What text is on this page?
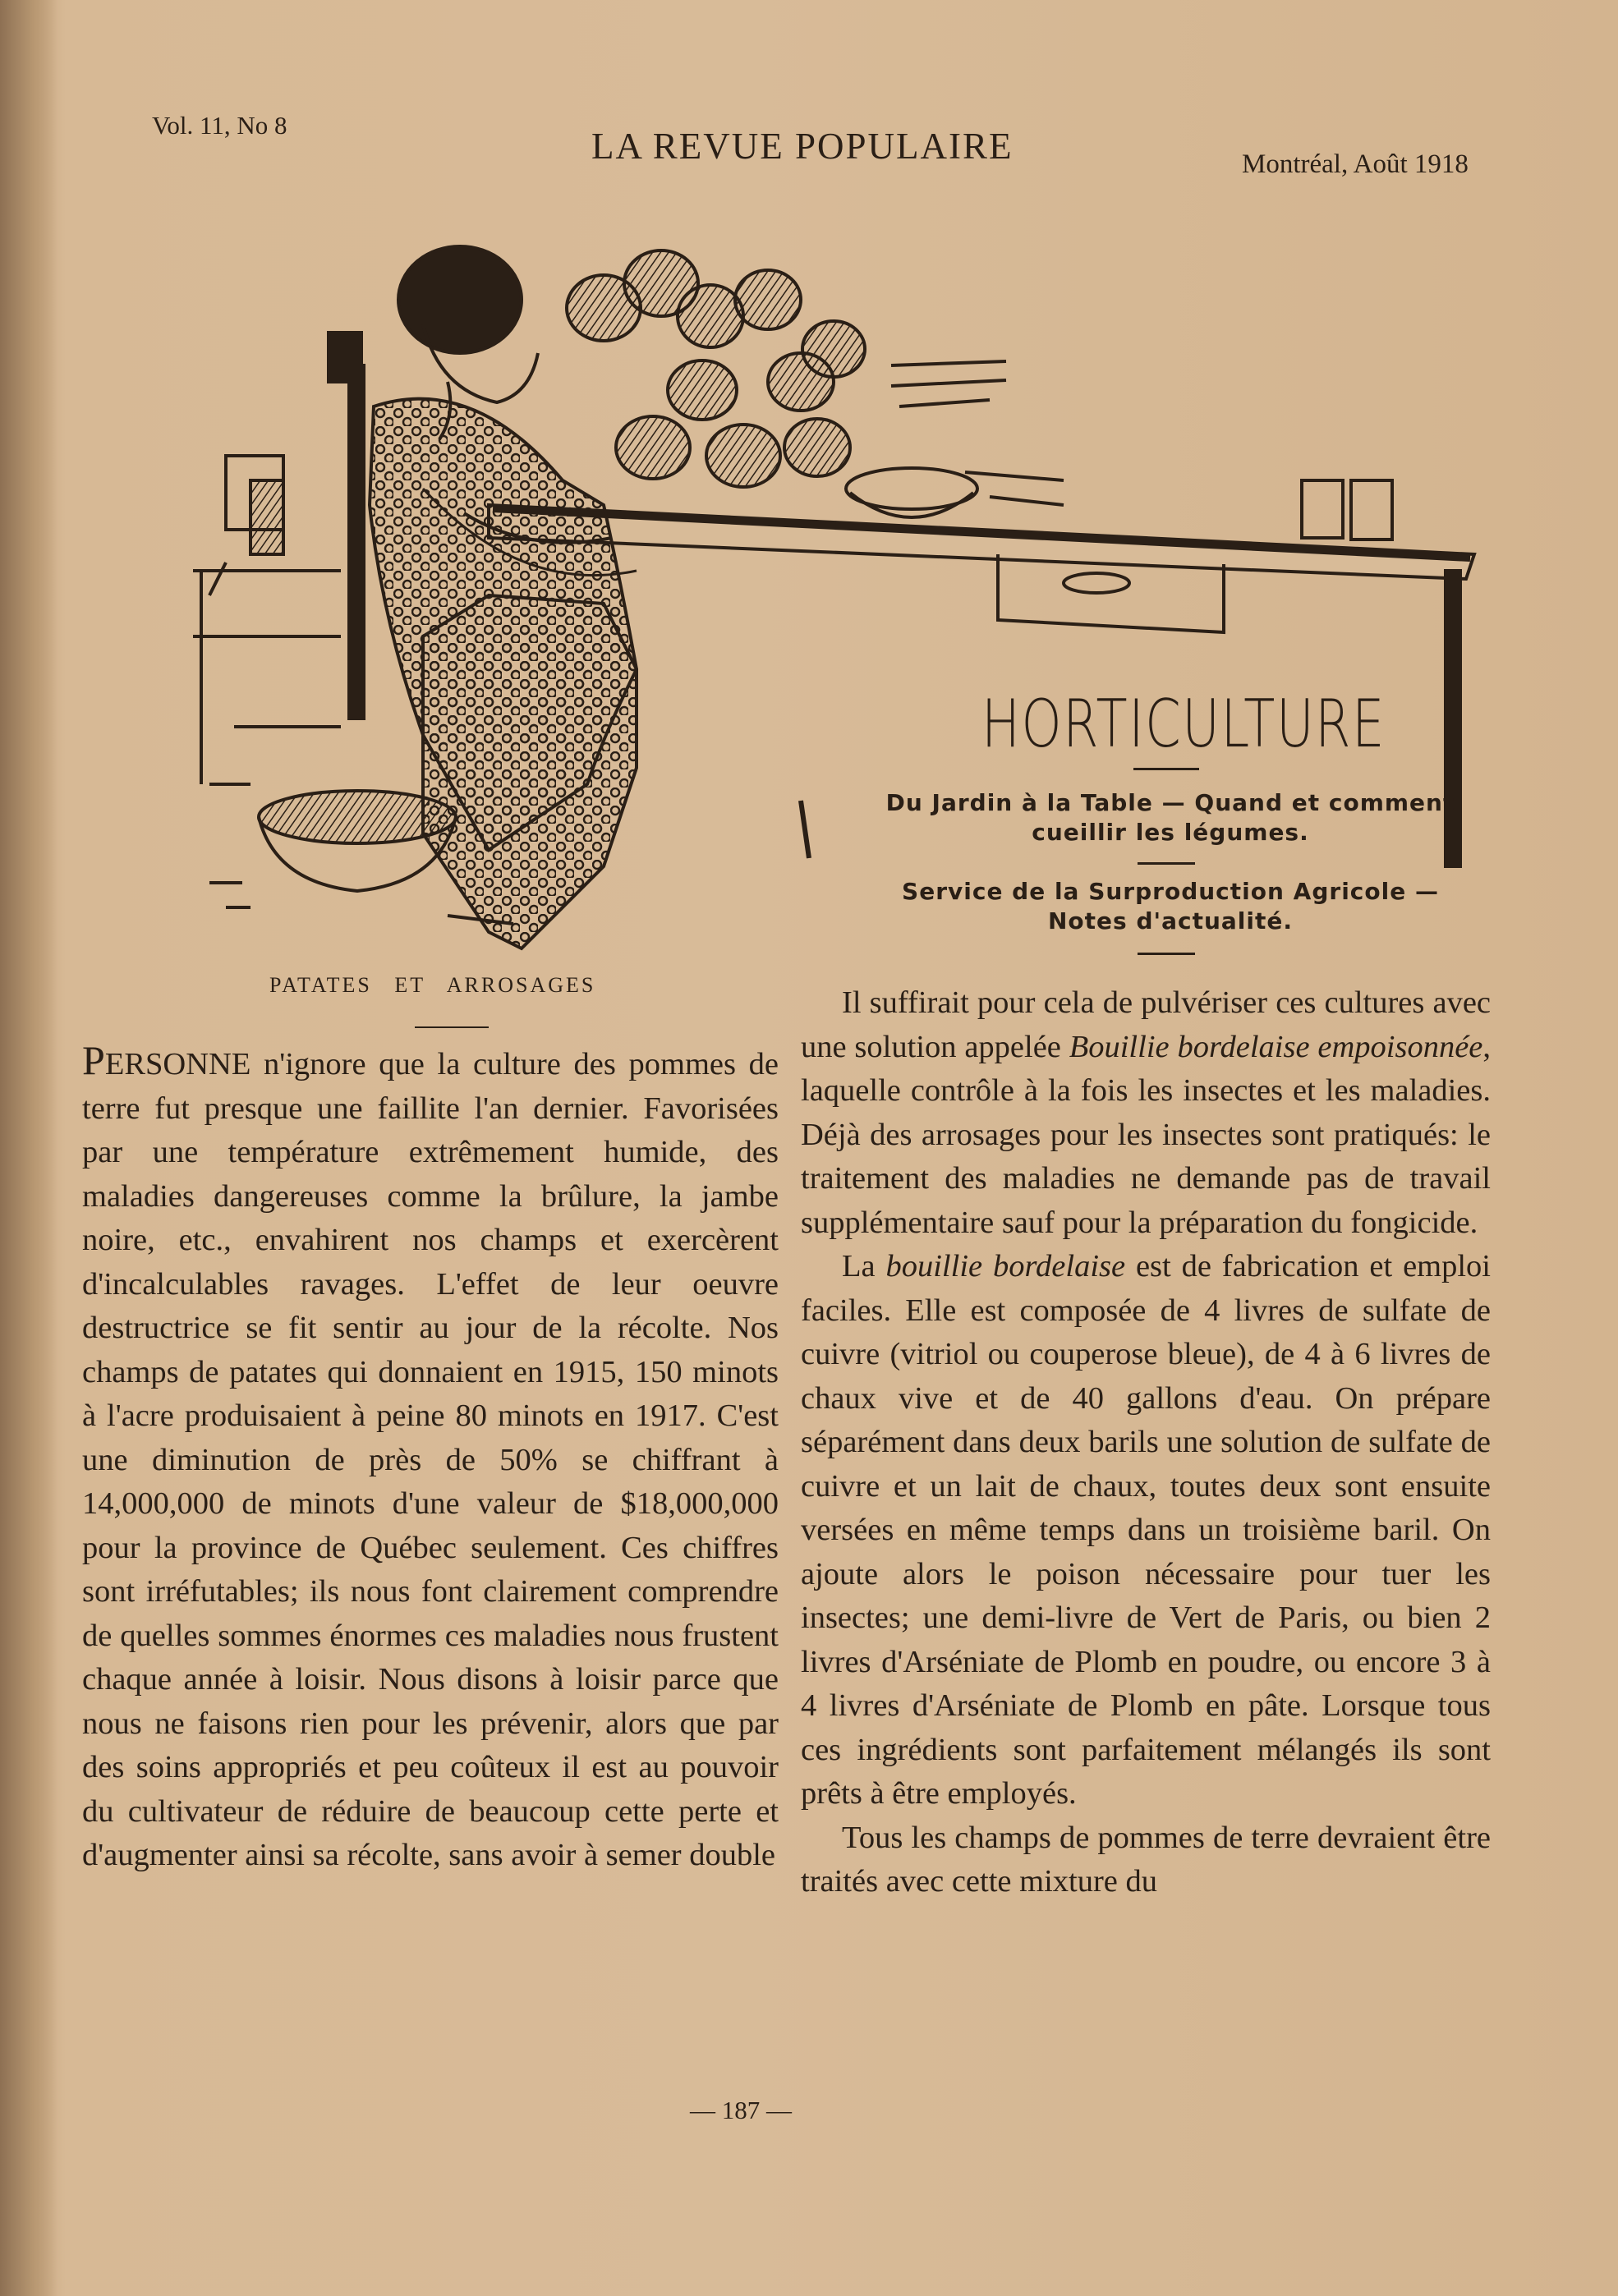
Vol. 11, No 8
LA REVUE POPULAIRE	Montréal, Août 1918
HORTICULTURE
Du Jardin à la Table — Quand et comment cueillir les légumes.
Service de la Surproduction Agricole — Notes d'actualité.
PATATES ET ARROSAGES

PERSONNE n'ignore que la culture des pommes de terre fut presque une faillite l'an dernier. Favorisées par une température extrêmement humide, des maladies dangereuses comme la brûlure, la jambe noire, etc., envahirent nos champs et exercèrent d'incalculables ravages. L'effet de leur oeuvre destructrice se fit sentir au jour de la récolte. Nos champs de patates qui donnaient en 1915, 150 minots à l'acre produisaient à peine 80 minots en 1917. C'est une diminution de près de 50% se chiffrant à 14,000,000 de minots d'une valeur de $18,000,000 pour la province de Québec seulement. Ces chiffres sont irréfutables; ils nous font clairement comprendre de quelles sommes énormes ces maladies nous frustent chaque année à loisir. Nous disons à loisir parce que nous ne faisons rien pour les prévenir, alors que par des soins appropriés et peu coûteux il est au pouvoir du cultivateur de réduire de beaucoup cette perte et d'augmenter ainsi sa récolte, sans avoir à semer double

Il suffirait pour cela de pulvériser ces cultures avec une solution appelée Bouillie bordelaise empoisonnée, laquelle contrôle à la fois les insectes et les maladies. Déjà des arrosages pour les insectes sont pratiqués: le traitement des maladies ne demande pas de travail supplémentaire sauf pour la préparation du fongicide.

La bouillie bordelaise est de fabrication et emploi faciles. Elle est composée de 4 livres de sulfate de cuivre (vitriol ou couperose bleue), de 4 à 6 livres de chaux vive et de 40 gallons d'eau. On prépare séparément dans deux barils une solution de sulfate de cuivre et un lait de chaux, toutes deux sont ensuite versées en même temps dans un troisième baril. On ajoute alors le poison nécessaire pour tuer les insectes; une demi-livre de Vert de Paris, ou bien 2 livres d'Arséniate de Plomb en poudre, ou encore 3 à 4 livres d'Arséniate de Plomb en pâte. Lorsque tous ces ingrédients sont parfaitement mélangés ils sont prêts à être employés.

Tous les champs de pommes de terre devraient être traités avec cette mixture du

— 187 —
